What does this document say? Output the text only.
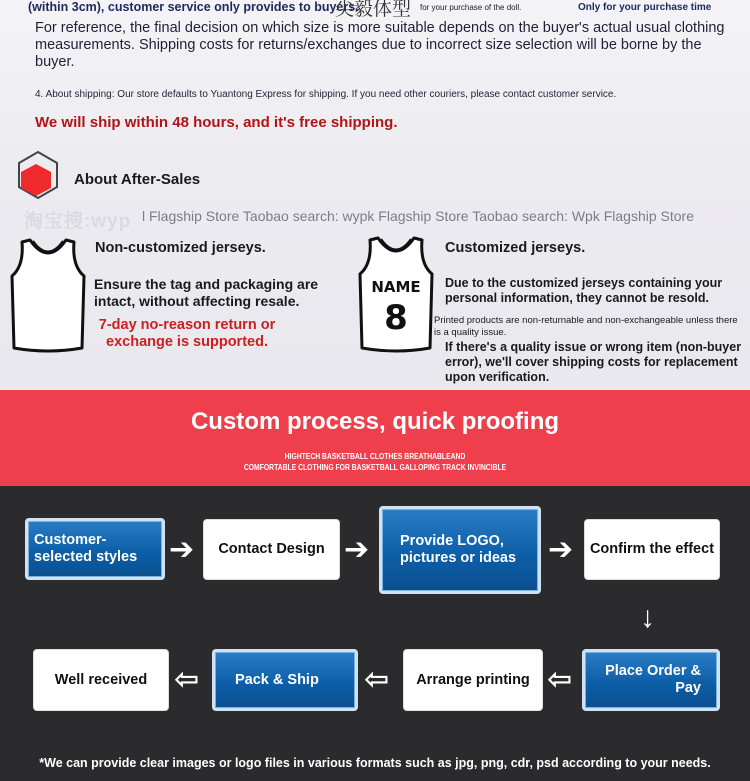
(within 3cm), customer service only provides to buyers.

尖毅体型 for your purchase of the doll.	Only for your purchase time

For reference, the final decision on which size is more suitable depends on the buyer's actual usual clothing measurements. Shipping costs for returns/exchanges due to incorrect size selection will be borne by the buyer.

4. About shipping: Our store defaults to Yuantong Express for shipping. If you need other couriers, please contact customer service.

We will ship within 48 hours, and it's free shipping.

About After-Sales

淘宝搜:wyp l Flagship Store Taobao search: wypk Flagship Store Taobao search: Wpk Flagship Store

Non-customized jerseys.

Ensure the tag and packaging are intact, without affecting resale.

7-day no-reason return or exchange is supported.

NAME
8

Customized jerseys.

Due to the customized jerseys containing your personal information, they cannot be resold.

Printed products are non-returnable and non-exchangeable unless there is a quality issue.

If there's a quality issue or wrong item (non-buyer error), we'll cover shipping costs for replacement upon verification.

Custom process, quick proofing

HIGHTECH BASKETBALL CLOTHES BREATHABLEAND

COMFORTABLE CLOTHING FOR BASKETBALL GALLOPING TRACK INVINCIBLE

Customer-selected styles	➔	Contact Design ➔	Provide LOGO, pictures or ideas	➔	Confirm the effect
↓
Well received ⇦	Pack & Ship	⇦	Arrange printing ⇦	Place Order & Pay

*We can provide clear images or logo files in various formats such as jpg, png, cdr, psd according to your needs.
